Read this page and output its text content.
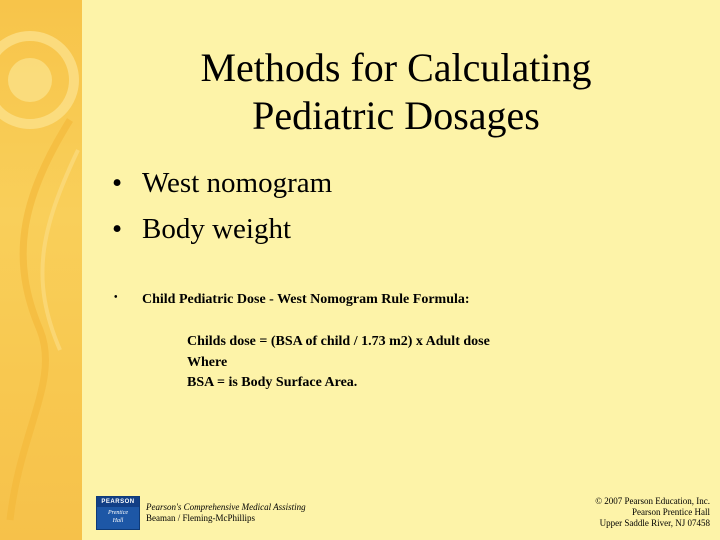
Methods for Calculating
Pediatric Dosages
• West nomogram
• Body weight
• Child Pediatric Dose - West Nomogram Rule Formula:
Childs dose = (BSA of child / 1.73 m2) x Adult dose
Where
BSA = is Body Surface Area.
PEARSON
Prentice
Hall
Pearson's Comprehensive Medical Assisting
Beaman / Fleming-McPhillips
© 2007 Pearson Education, Inc.
Pearson Prentice Hall
Upper Saddle River, NJ 07458
